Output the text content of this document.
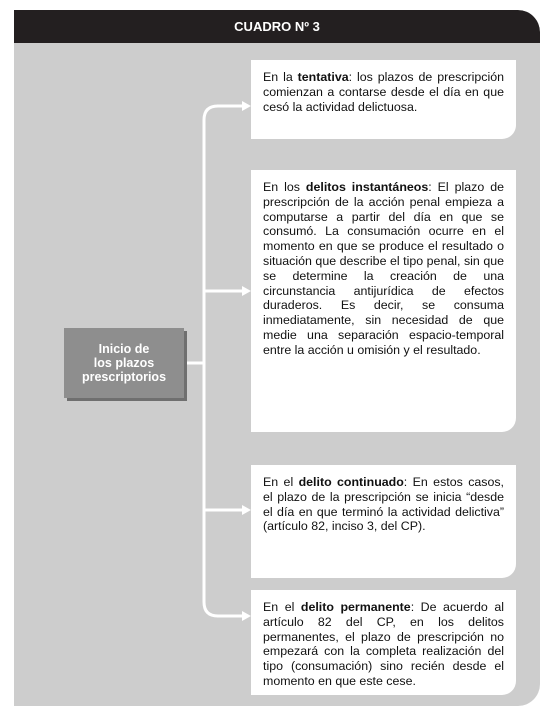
CUADRO Nº 3
Inicio de
los plazos
prescriptorios
En la tentativa: los plazos de prescripción comienzan a contarse desde el día en que cesó la actividad delictuosa.
En los delitos instantáneos: El plazo de prescripción de la acción penal empieza a computarse a partir del día en que se consumó. La consumación ocurre en el momento en que se produce el resultado o situación que describe el tipo penal, sin que se determine la creación de una circunstancia antijurídica de efectos duraderos. Es decir, se consuma inmediatamente, sin necesidad de que medie una separación espacio-temporal entre la acción u omisión y el resultado.
En el delito continuado: En estos casos, el plazo de la prescripción se inicia “desde el día en que terminó la actividad delictiva” (artículo 82, inciso 3, del CP).
En el delito permanente: De acuerdo al artículo 82 del CP, en los delitos permanentes, el plazo de prescripción no empezará con la completa realización del tipo (consumación) sino recién desde el momento en que este cese.
